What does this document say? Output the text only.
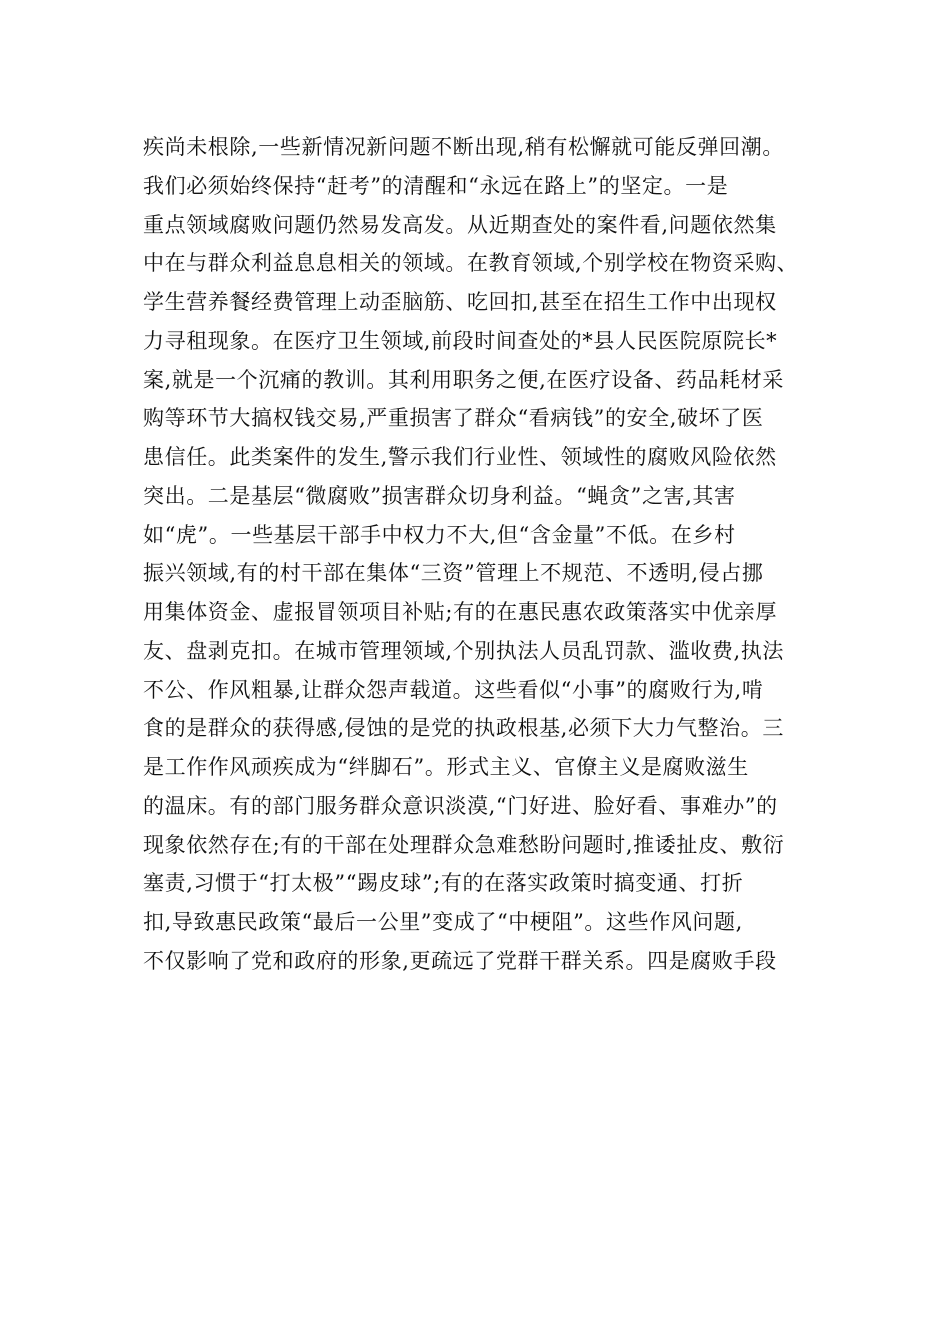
疾尚未根除,一些新情况新问题不断出现,稍有松懈就可能反弹回潮。
我们必须始终保持“赶考”的清醒和“永远在路上”的坚定。一是
重点领域腐败问题仍然易发高发。从近期查处的案件看,问题依然集
中在与群众利益息息相关的领域。在教育领域,个别学校在物资采购、
学生营养餐经费管理上动歪脑筋、吃回扣,甚至在招生工作中出现权
力寻租现象。在医疗卫生领域,前段时间查处的*县人民医院原院长*
案,就是一个沉痛的教训。其利用职务之便,在医疗设备、药品耗材采
购等环节大搞权钱交易,严重损害了群众“看病钱”的安全,破坏了医
患信任。此类案件的发生,警示我们行业性、领域性的腐败风险依然
突出。二是基层“微腐败”损害群众切身利益。“蝇贪”之害,其害
如“虎”。一些基层干部手中权力不大,但“含金量”不低。在乡村
振兴领域,有的村干部在集体“三资”管理上不规范、不透明,侵占挪
用集体资金、虚报冒领项目补贴;有的在惠民惠农政策落实中优亲厚
友、盘剥克扣。在城市管理领域,个别执法人员乱罚款、滥收费,执法
不公、作风粗暴,让群众怨声载道。这些看似“小事”的腐败行为,啃
食的是群众的获得感,侵蚀的是党的执政根基,必须下大力气整治。三
是工作作风顽疾成为“绊脚石”。形式主义、官僚主义是腐败滋生
的温床。有的部门服务群众意识淡漠,“门好进、脸好看、事难办”的
现象依然存在;有的干部在处理群众急难愁盼问题时,推诿扯皮、敷衍
塞责,习惯于“打太极”“踢皮球”;有的在落实政策时搞变通、打折
扣,导致惠民政策“最后一公里”变成了“中梗阻”。这些作风问题,
不仅影响了党和政府的形象,更疏远了党群干群关系。四是腐败手段
